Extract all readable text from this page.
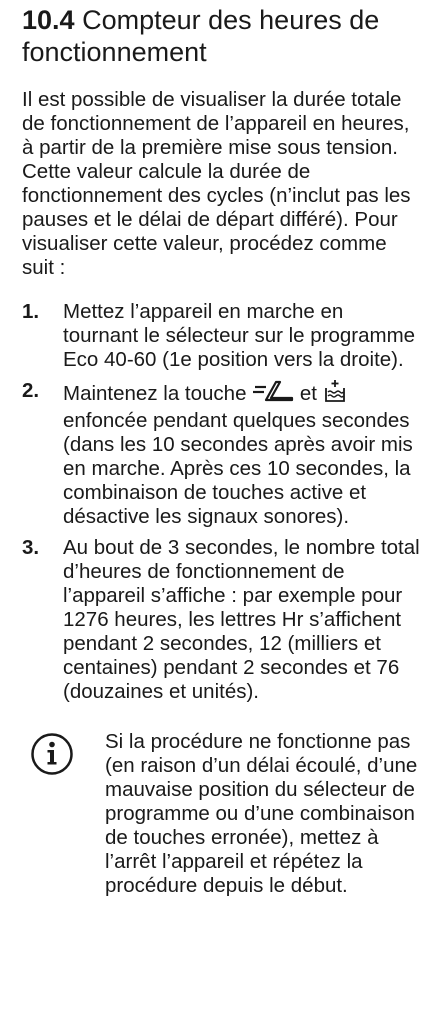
10.4 Compteur des heures de fonctionnement

Il est possible de visualiser la durée totale de fonctionnement de l’appareil en heures, à partir de la première mise sous tension. Cette valeur calcule la durée de fonctionnement des cycles (n’inclut pas les pauses et le délai de départ différé). Pour visualiser cette valeur, procédez comme suit :

1. Mettez l’appareil en marche en tournant le sélecteur sur le programme Eco 40-60 (1e position vers la droite).
2. Maintenez la touche	et  enfoncée pendant quelques secondes (dans les 10 secondes après avoir mis en marche. Après ces 10 secondes, la combinaison de touches active et désactive les signaux sonores).
3. Au bout de 3 secondes, le nombre total d’heures de fonctionnement de l’appareil s’affiche : par exemple pour 1276 heures, les lettres Hr s’affichent pendant 2 secondes, 12 (milliers et centaines) pendant 2 secondes et 76 (douzaines et unités).

Si la procédure ne fonctionne pas (en raison d’un délai écoulé, d’une mauvaise position du sélecteur de programme ou d’une combinaison de touches erronée), mettez à l’arrêt l’appareil et répétez la procédure depuis le début.
